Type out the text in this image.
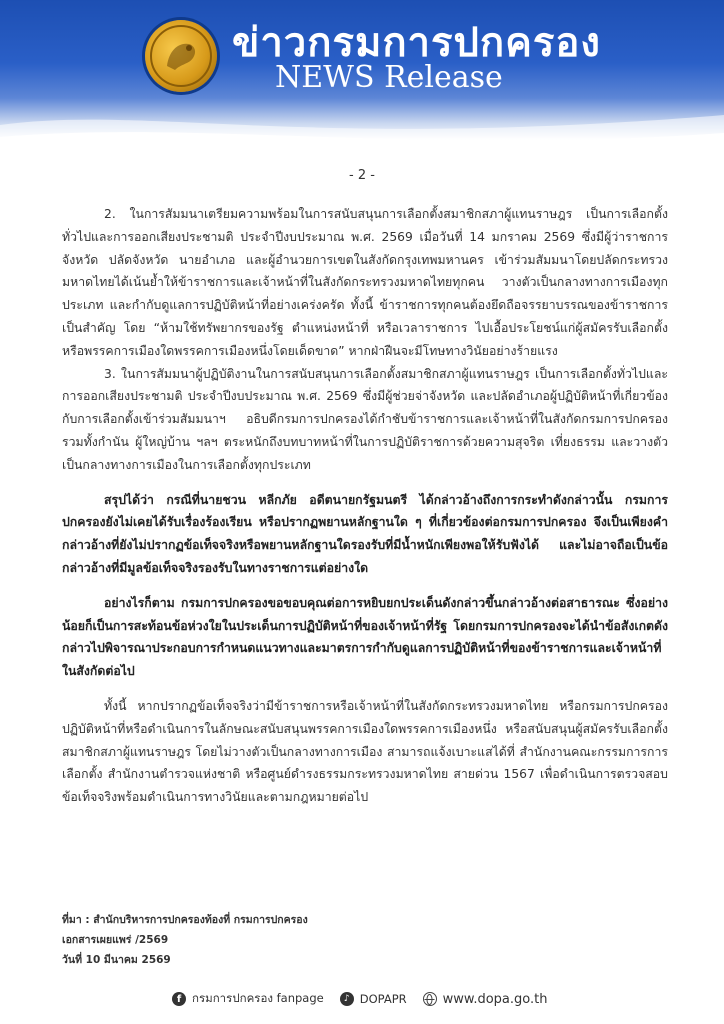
ข่าวกรมการปกครอง
NEWS Release
- 2 -

2. ในการสัมมนาเตรียมความพร้อมในการสนับสนุนการเลือกตั้งสมาชิกสภาผู้แทนราษฎร เป็นการเลือกตั้งทั่วไปและการออกเสียงประชามติ ประจำปีงบประมาณ พ.ศ. 2569 เมื่อวันที่ 14 มกราคม 2569 ซึ่งมีผู้ว่าราชการจังหวัด ปลัดจังหวัด นายอำเภอ และผู้อำนวยการเขตในสังกัดกรุงเทพมหานคร เข้าร่วมสัมมนาโดยปลัดกระทรวงมหาดไทยได้เน้นย้ำให้ข้าราชการและเจ้าหน้าที่ในสังกัดกระทรวงมหาดไทยทุกคน วางตัวเป็นกลางทางการเมืองทุกประเภท และกำกับดูแลการปฏิบัติหน้าที่อย่างเคร่งครัด ทั้งนี้ ข้าราชการทุกคนต้องยึดถือจรรยาบรรณของข้าราชการเป็นสำคัญ โดย “ห้ามใช้ทรัพยากรของรัฐ ตำแหน่งหน้าที่ หรือเวลาราชการ ไปเอื้อประโยชน์แก่ผู้สมัครรับเลือกตั้งหรือพรรคการเมืองใดพรรคการเมืองหนึ่งโดยเด็ดขาด” หากฝ่าฝืนจะมีโทษทางวินัยอย่างร้ายแรง

3. ในการสัมมนาผู้ปฏิบัติงานในการสนับสนุนการเลือกตั้งสมาชิกสภาผู้แทนราษฎร เป็นการเลือกตั้งทั่วไปและการออกเสียงประชามติ ประจำปีงบประมาณ พ.ศ. 2569 ซึ่งมีผู้ช่วยจ่าจังหวัด และปลัดอำเภอผู้ปฏิบัติหน้าที่เกี่ยวข้องกับการเลือกตั้งเข้าร่วมสัมมนาฯ อธิบดีกรมการปกครองได้กำชับข้าราชการและเจ้าหน้าที่ในสังกัดกรมการปกครอง รวมทั้งกำนัน ผู้ใหญ่บ้าน ฯลฯ ตระหนักถึงบทบาทหน้าที่ในการปฏิบัติราชการด้วยความสุจริต เที่ยงธรรม และวางตัวเป็นกลางทางการเมืองในการเลือกตั้งทุกประเภท

สรุปได้ว่า กรณีที่นายชวน หลีกภัย อดีตนายกรัฐมนตรี ได้กล่าวอ้างถึงการกระทำดังกล่าวนั้น กรมการปกครองยังไม่เคยได้รับเรื่องร้องเรียน หรือปรากฏพยานหลักฐานใด ๆ ที่เกี่ยวข้องต่อกรมการปกครอง จึงเป็นเพียงคำกล่าวอ้างที่ยังไม่ปรากฏข้อเท็จจริงหรือพยานหลักฐานใดรองรับที่มีน้ำหนักเพียงพอให้รับฟังได้ และไม่อาจถือเป็นข้อกล่าวอ้างที่มีมูลข้อเท็จจริงรองรับในทางราชการแต่อย่างใด

อย่างไรก็ตาม กรมการปกครองขอขอบคุณต่อการหยิบยกประเด็นดังกล่าวขึ้นกล่าวอ้างต่อสาธารณะ ซึ่งอย่างน้อยก็เป็นการสะท้อนข้อห่วงใยในประเด็นการปฏิบัติหน้าที่ของเจ้าหน้าที่รัฐ โดยกรมการปกครองจะได้นำข้อสังเกตดังกล่าวไปพิจารณาประกอบการกำหนดแนวทางและมาตรการกำกับดูแลการปฏิบัติหน้าที่ของข้าราชการและเจ้าหน้าที่ในสังกัดต่อไป

ทั้งนี้ หากปรากฏข้อเท็จจริงว่ามีข้าราชการหรือเจ้าหน้าที่ในสังกัดกระทรวงมหาดไทย หรือกรมการปกครองปฏิบัติหน้าที่หรือดำเนินการในลักษณะสนับสนุนพรรคการเมืองใดพรรคการเมืองหนึ่ง หรือสนับสนุนผู้สมัครรับเลือกตั้งสมาชิกสภาผู้แทนราษฎร โดยไม่วางตัวเป็นกลางทางการเมือง สามารถแจ้งเบาะแสได้ที่ สำนักงานคณะกรรมการการเลือกตั้ง สำนักงานตำรวจแห่งชาติ หรือศูนย์ดำรงธรรมกระทรวงมหาดไทย สายด่วน 1567 เพื่อดำเนินการตรวจสอบข้อเท็จจริงพร้อมดำเนินการทางวินัยและตามกฎหมายต่อไป

ที่มา : สำนักบริหารการปกครองท้องที่ กรมการปกครอง
เอกสารเผยแพร่ /2569
วันที่ 10 มีนาคม 2569
f กรมการปกครอง fanpage	♪ DOPAPR	www.dopa.go.th
